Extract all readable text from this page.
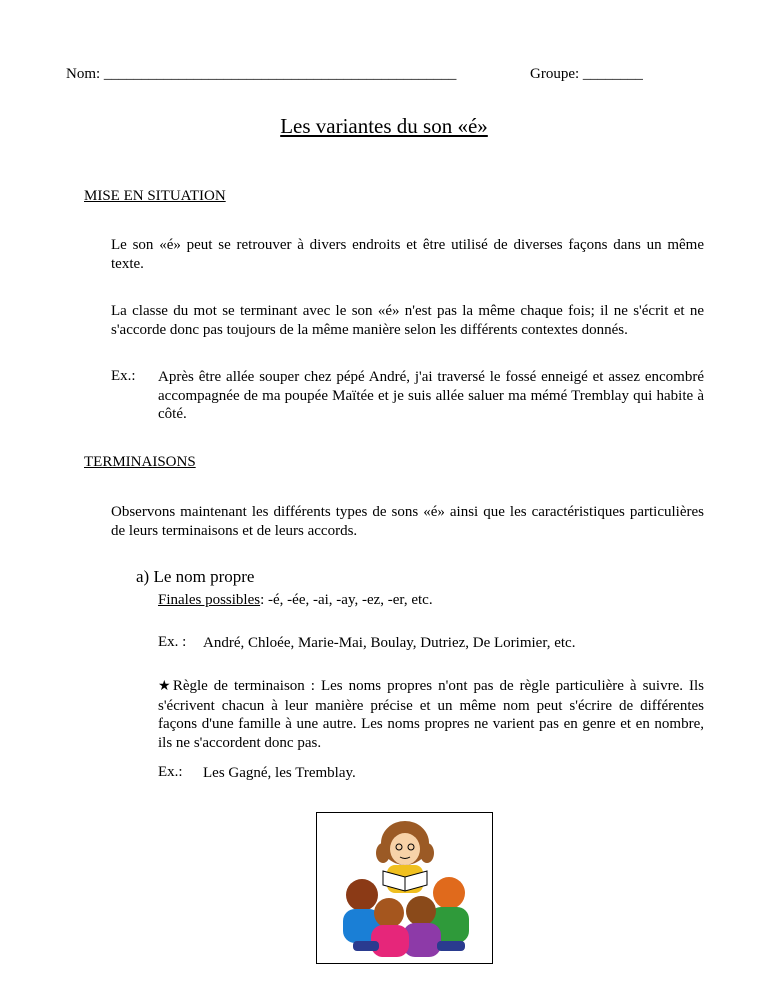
Nom: _______________________________________________	Groupe: ________
Les variantes du son «é»
MISE EN SITUATION
Le son «é» peut se retrouver à divers endroits et être utilisé de diverses façons dans un même texte.
La classe du mot se terminant avec le son «é» n'est pas la même chaque fois; il ne s'écrit et ne s'accorde donc pas toujours de la même manière selon les différents contextes donnés.
Ex.: Après être allée souper chez pépé André, j'ai traversé le fossé enneigé et assez encombré accompagnée de ma poupée Maïtée et je suis allée saluer ma mémé Tremblay qui habite à côté.
TERMINAISONS
Observons maintenant les différents types de sons «é» ainsi que les caractéristiques particulières de leurs terminaisons et de leurs accords.
a) Le nom propre
Finales possibles: -é, -ée, -ai, -ay, -ez, -er, etc.
Ex. : André, Chloée, Marie-Mai, Boulay, Dutriez, De Lorimier, etc.
★Règle de terminaison : Les noms propres n'ont pas de règle particulière à suivre. Ils s'écrivent chacun à leur manière précise et un même nom peut s'écrire de différentes façons d'une famille à une autre. Les noms propres ne varient pas en genre et en nombre, ils ne s'accordent donc pas.
Ex.: Les Gagné, les Tremblay.
